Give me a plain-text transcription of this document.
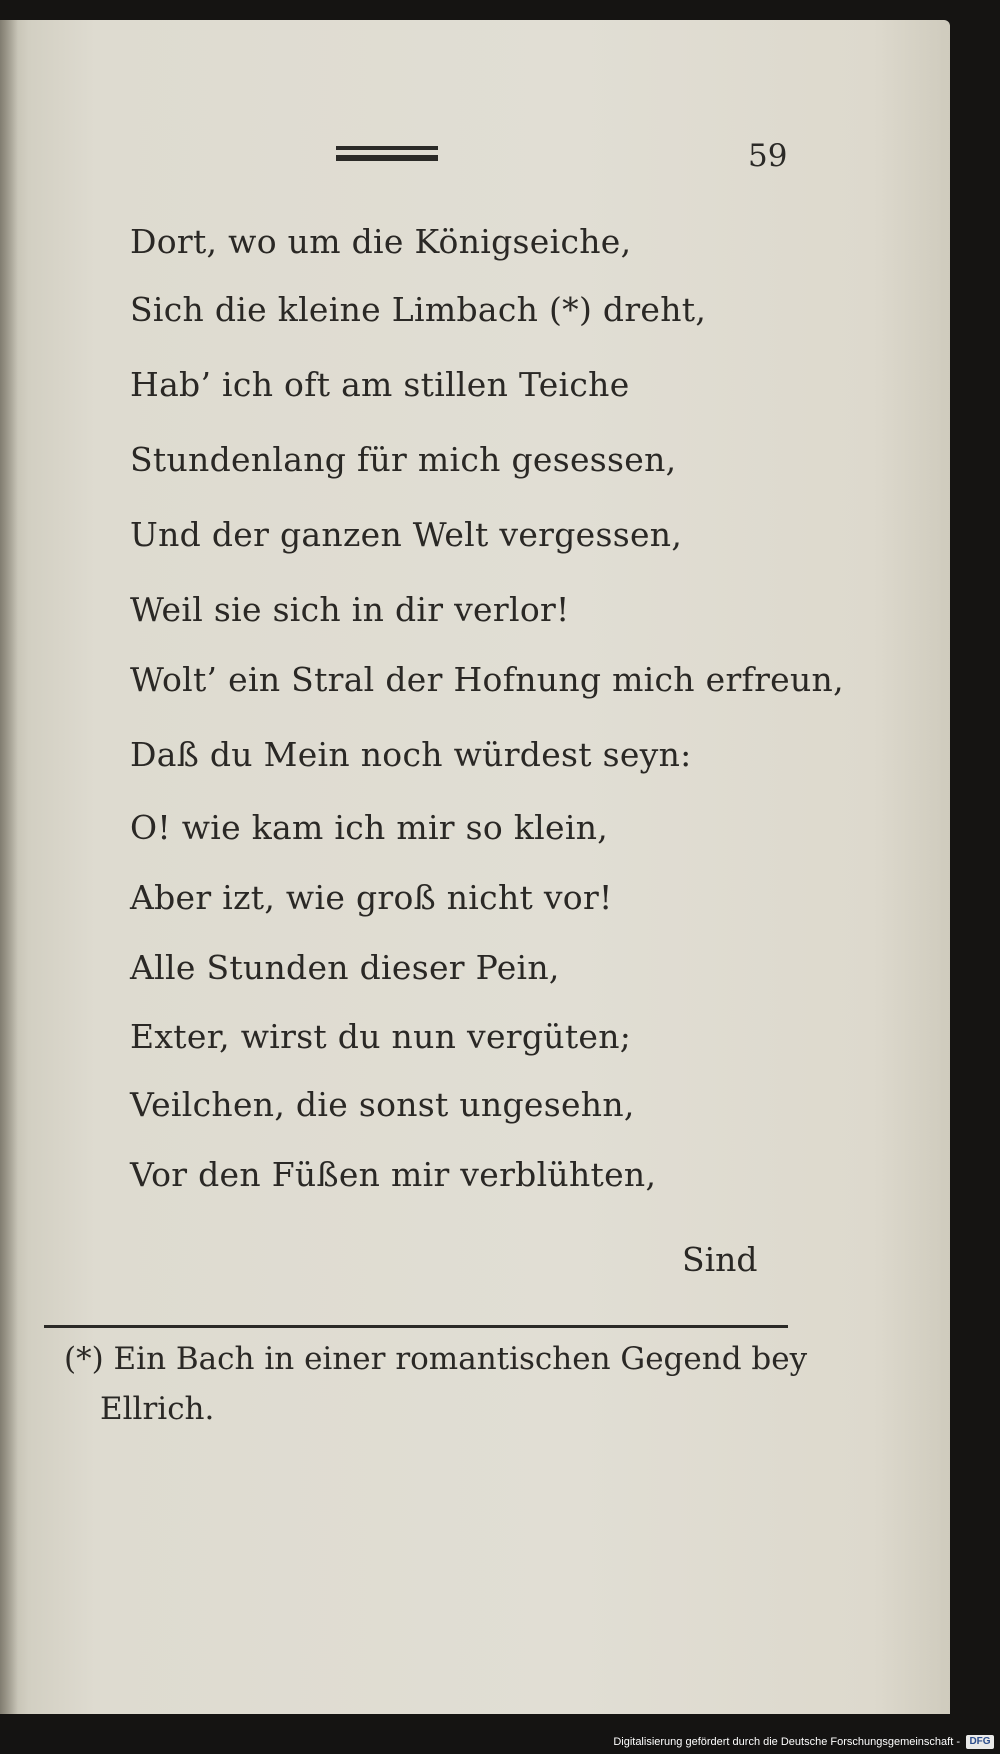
59
Dort, wo um die Königseiche,
Sich die kleine Limbach (*) dreht,
Hab’ ich oft am stillen Teiche
Stundenlang für mich gesessen,
Und der ganzen Welt vergessen,
Weil sie sich in dir verlor!
Wolt’ ein Stral der Hofnung mich erfreun,
Daß du Mein noch würdest seyn:
O! wie kam ich mir so klein,
Aber izt, wie groß nicht vor!
Alle Stunden dieser Pein,
Exter, wirst du nun vergüten;
Veilchen, die sonst ungesehn,
Vor den Füßen mir verblühten,
Sind
(*) Ein Bach in einer romantischen Gegend bey
Ellrich.
Digitalisierung gefördert durch die Deutsche Forschungsgemeinschaft - DFG
